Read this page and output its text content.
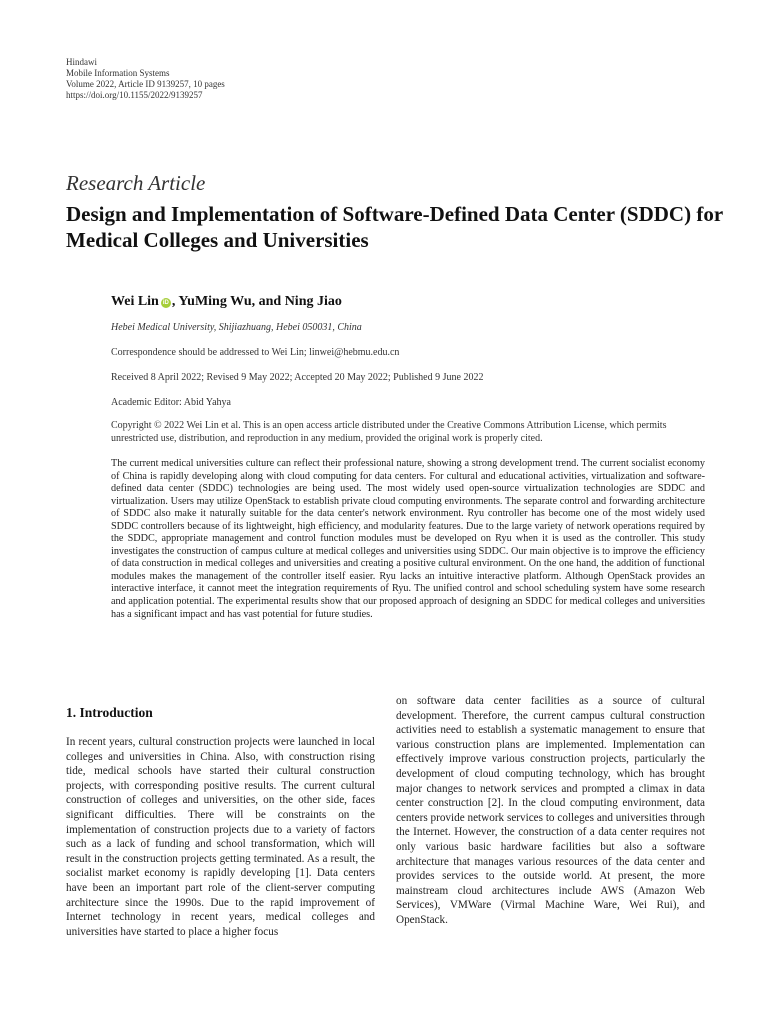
Hindawi
Mobile Information Systems
Volume 2022, Article ID 9139257, 10 pages
https://doi.org/10.1155/2022/9139257
Research Article
Design and Implementation of Software-Defined Data Center (SDDC) for Medical Colleges and Universities
Wei Lin iD , YuMing Wu, and Ning Jiao
Hebei Medical University, Shijiazhuang, Hebei 050031, China
Correspondence should be addressed to Wei Lin; linwei@hebmu.edu.cn
Received 8 April 2022; Revised 9 May 2022; Accepted 20 May 2022; Published 9 June 2022
Academic Editor: Abid Yahya
Copyright © 2022 Wei Lin et al. This is an open access article distributed under the Creative Commons Attribution License, which permits unrestricted use, distribution, and reproduction in any medium, provided the original work is properly cited.
The current medical universities culture can reflect their professional nature, showing a strong development trend. The current socialist economy of China is rapidly developing along with cloud computing for data centers. For cultural and educational activities, virtualization and software-defined data center (SDDC) technologies are being used. The most widely used open-source virtualization technologies are SDDC and virtualization. Users may utilize OpenStack to establish private cloud computing environments. The separate control and forwarding architecture of SDDC also make it naturally suitable for the data center's network environment. Ryu controller has become one of the most widely used SDDC controllers because of its lightweight, high efficiency, and modularity features. Due to the large variety of network operations required by the SDDC, appropriate management and control function modules must be developed on Ryu when it is used as the controller. This study investigates the construction of campus culture at medical colleges and universities using SDDC. Our main objective is to improve the efficiency of data construction in medical colleges and universities and creating a positive cultural environment. On the one hand, the addition of functional modules makes the management of the controller itself easier. Ryu lacks an intuitive interactive platform. Although OpenStack provides an interactive interface, it cannot meet the integration requirements of Ryu. The unified control and school scheduling system have some research and application potential. The experimental results show that our proposed approach of designing an SDDC for medical colleges and universities has a significant impact and has vast potential for future studies.
1. Introduction

In recent years, cultural construction projects were launched in local colleges and universities in China. Also, with construction rising tide, medical schools have started their cultural construction projects, with corresponding positive results. The current cultural construction of colleges and universities, on the other side, faces significant difficulties. There will be constraints on the implementation of construction projects due to a variety of factors such as a lack of funding and school transformation, which will result in the construction projects getting terminated. As a result, the socialist market economy is rapidly developing [1]. Data centers have been an important part role of the client-server computing architecture since the 1990s. Due to the rapid improvement of Internet technology in recent years, medical colleges and universities have started to place a higher focus

on software data center facilities as a source of cultural development. Therefore, the current campus cultural construction activities need to establish a systematic management to ensure that various construction plans are implemented. Implementation can effectively improve various construction projects, particularly the development of cloud computing technology, which has brought major changes to network services and prompted a climax in data center construction [2]. In the cloud computing environment, data centers provide network services to colleges and universities through the Internet. However, the construction of a data center requires not only various basic hardware facilities but also a software architecture that manages various resources of the data center and provides services to the outside world. At present, the more mainstream cloud architectures include AWS (Amazon Web Services), VMWare (Virmal Machine Ware, Wei Rui), and OpenStack.
